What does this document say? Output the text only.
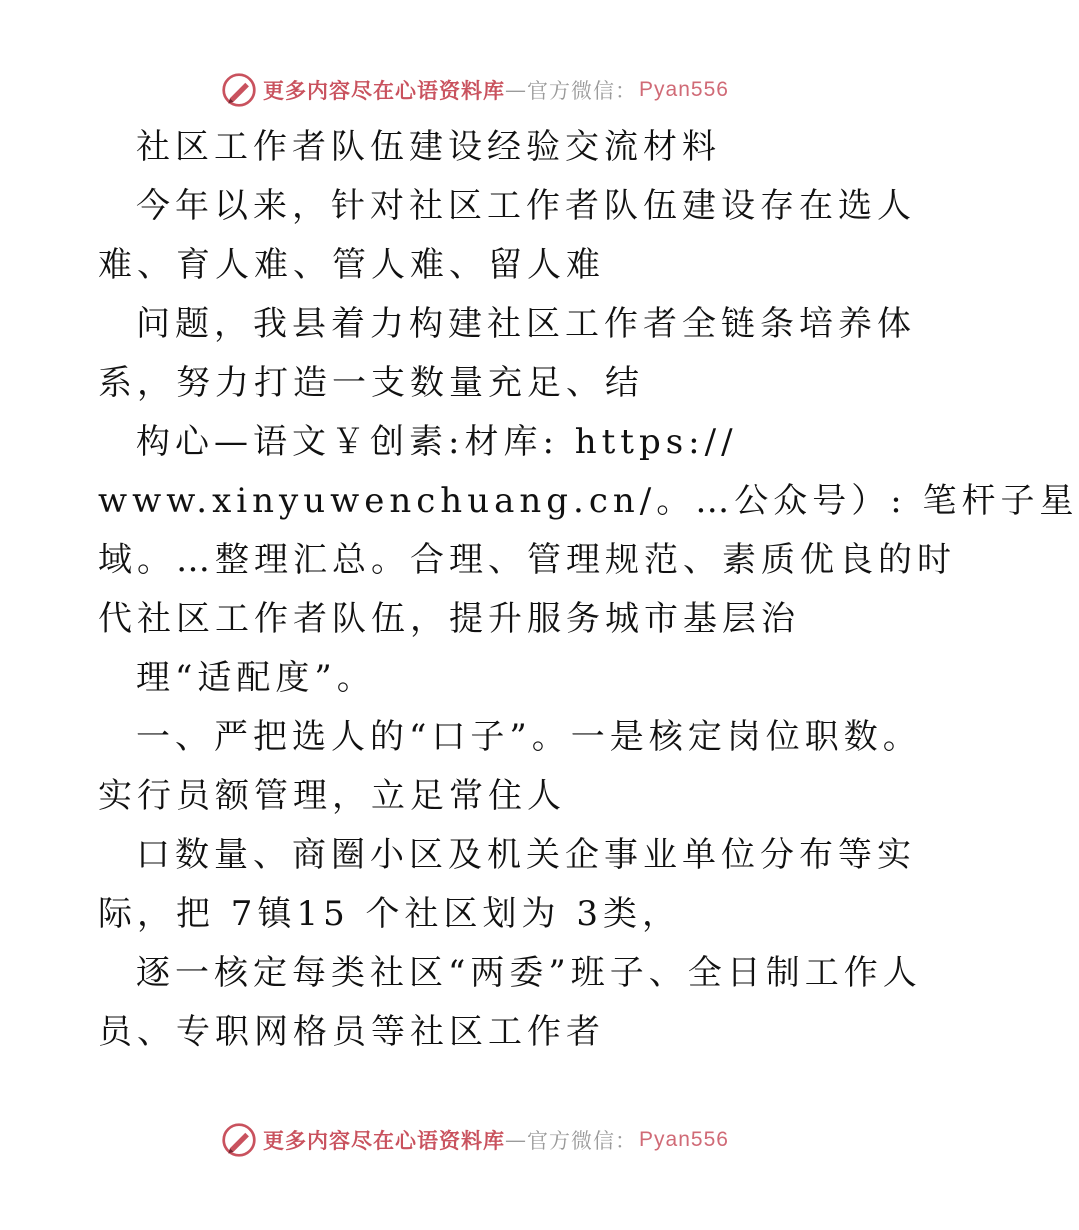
更多内容尽在心语资料库 — 官方微信： Pyan556
社区工作者队伍建设经验交流材料
今年以来，针对社区工作者队伍建设存在选人
难、育人难、管人难、留人难
问题，我县着力构建社区工作者全链条培养体
系，努力打造一支数量充足、结
构心—语文￥创素:材库: https://
www.xinyuwenchuang.cn/。…公众号）: 笔杆子星
域。…整理汇总。合理、管理规范、素质优良的时
代社区工作者队伍，提升服务城市基层治
理“适配度”。
一、严把选人的“口子”。一是核定岗位职数。
实行员额管理，立足常住人
口数量、商圈小区及机关企事业单位分布等实
际，把 7镇15 个社区划为 3类，
逐一核定每类社区“两委”班子、全日制工作人
员、专职网格员等社区工作者
更多内容尽在心语资料库 — 官方微信： Pyan556
